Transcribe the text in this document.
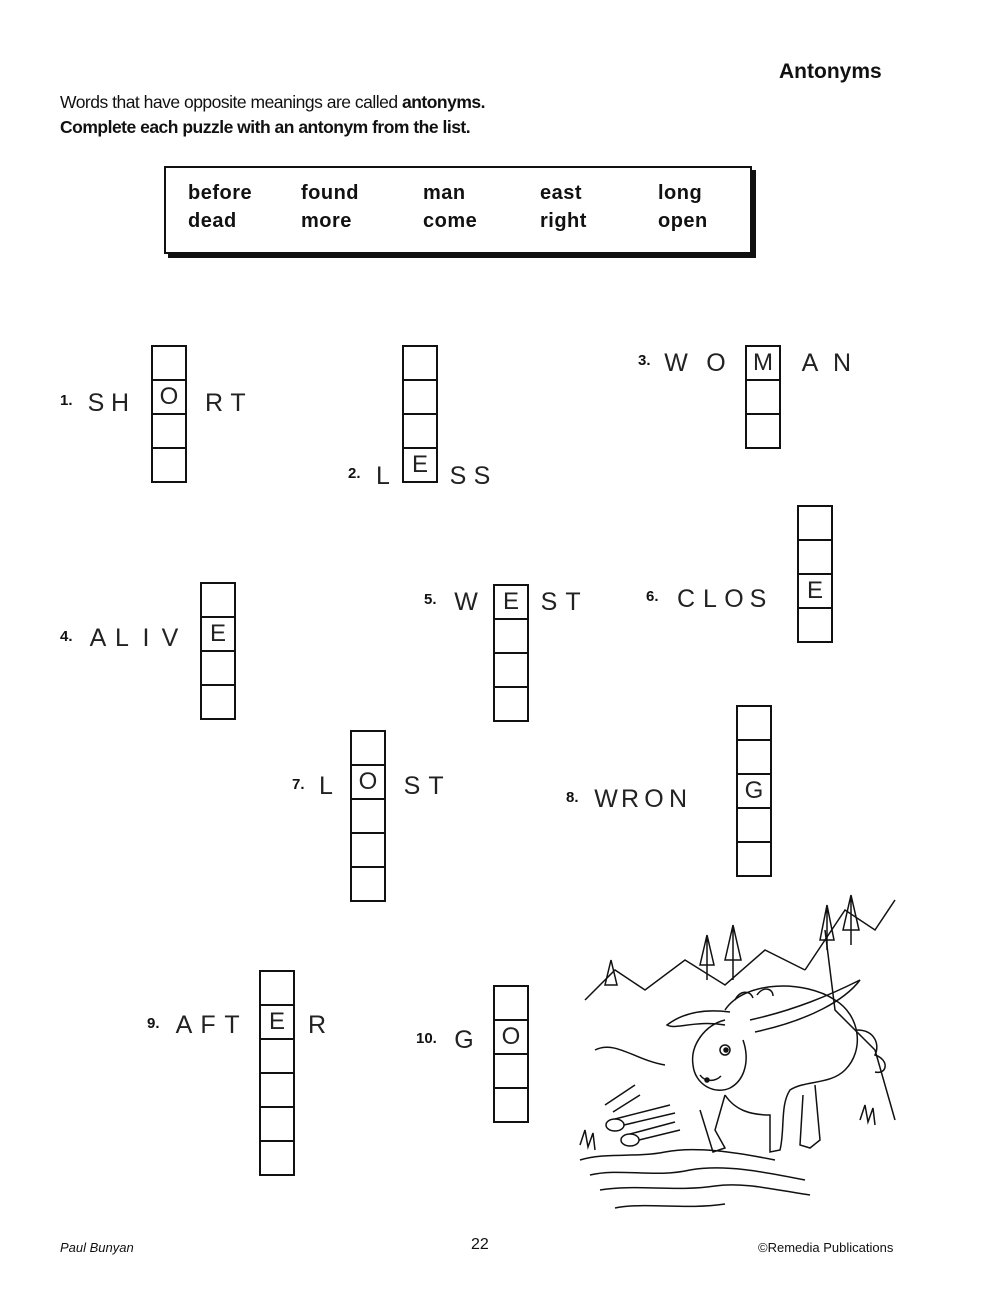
Antonyms
Words that have opposite meanings are called antonyms.
Complete each puzzle with an antonym from the list.
before found	man	east	long
dead	more	come	right	open
1. S H	R T
O
2. L S S
E
3. W O	A N
M
4. A L I V	E
5. W	S T
E	6. C L O S	E
7. L	S T
O
8. W R O N	G
9. A F T	R
E
10. G	O
Paul Bunyan	22	©Remedia Publications
